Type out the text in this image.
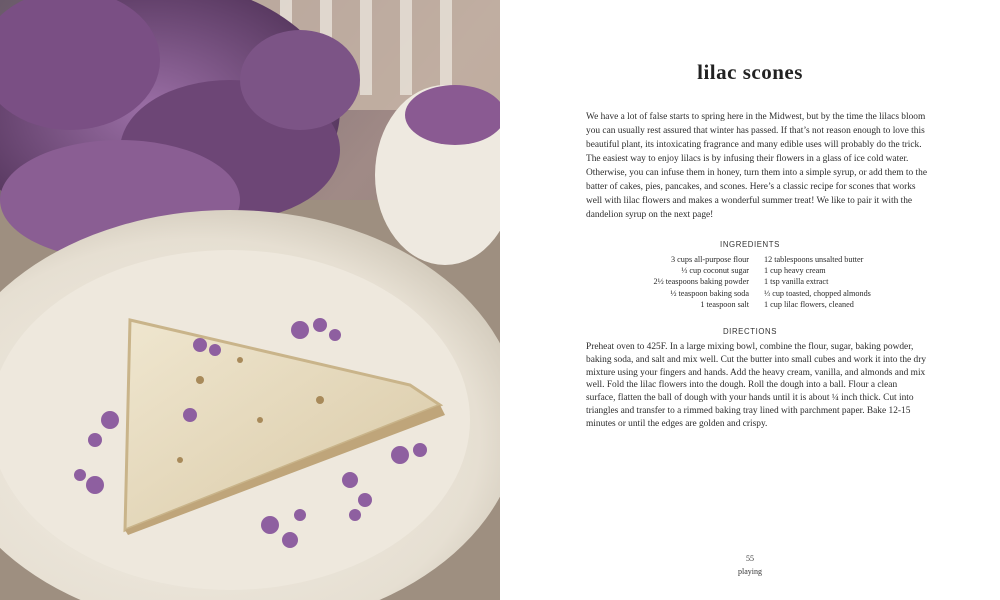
lilac scones

We have a lot of false starts to spring here in the Midwest, but by the time the lilacs bloom you can usually rest assured that winter has passed. If that’s not reason enough to love this beautiful plant, its intoxicating fragrance and many edible uses will probably do the trick. The easiest way to enjoy lilacs is by infusing their flowers in a glass of ice cold water. Otherwise, you can infuse them in honey, turn them into a simple syrup, or add them to the batter of cakes, pies, pancakes, and scones. Here’s a classic recipe for scones that works well with lilac flowers and makes a wonderful summer treat! We like to pair it with the dandelion syrup on the next page!

INGREDIENTS
3 cups all-purpose flour 12 tablespoons unsalted butter
⅓ cup coconut sugar 1 cup heavy cream
2½ teaspoons baking powder 1 tsp vanilla extract
½ teaspoon baking soda ⅓ cup toasted, chopped almonds
1 teaspoon salt 1 cup lilac flowers, cleaned
DIRECTIONS

Preheat oven to 425F. In a large mixing bowl, combine the flour, sugar, baking powder, baking soda, and salt and mix well. Cut the butter into small cubes and work it into the dry mixture using your fingers and hands. Add the heavy cream, vanilla, and almonds and mix well. Fold the lilac flowers into the dough. Roll the dough into a ball. Flour a clean surface, flatten the ball of dough with your hands until it is about ¼ inch thick. Cut into triangles and transfer to a rimmed baking tray lined with parchment paper. Bake 12-15 minutes or until the edges are golden and crispy.

55
playing
